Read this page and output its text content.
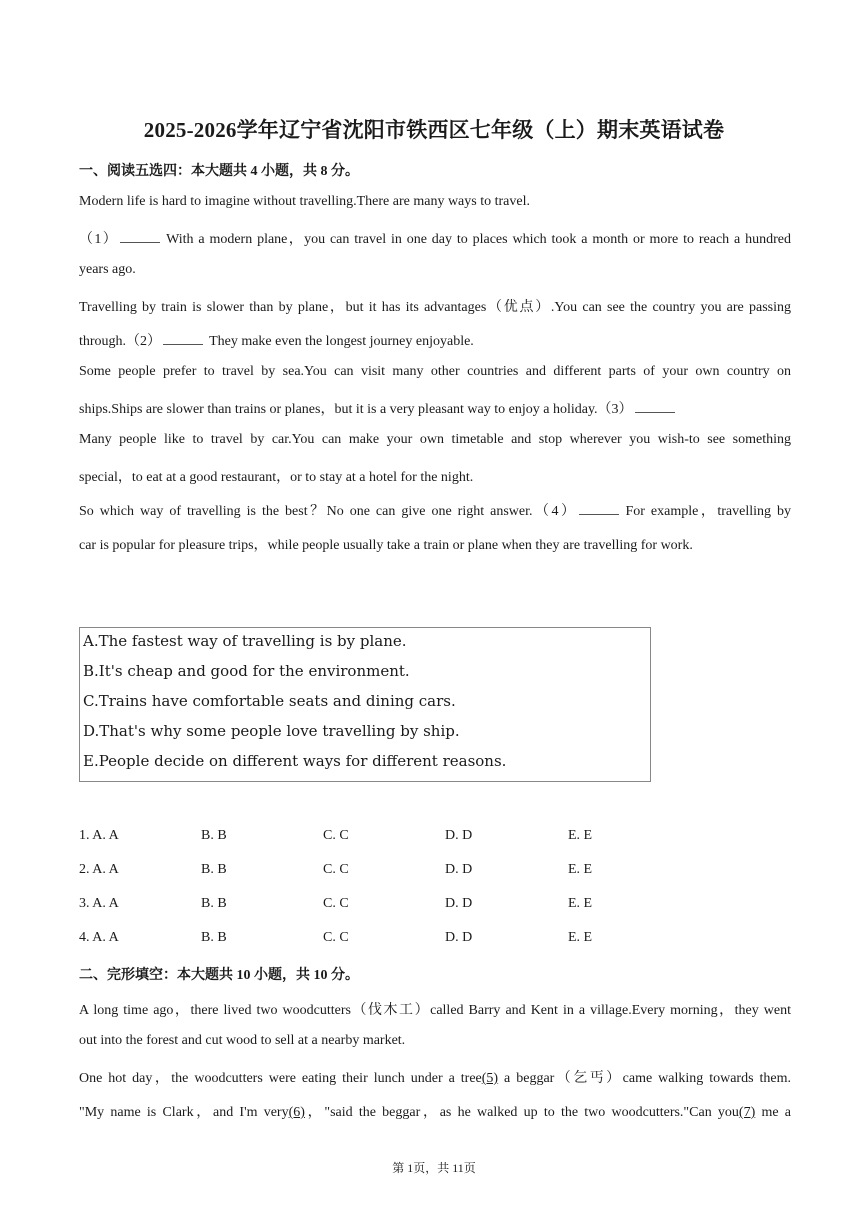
2025-2026学年辽宁省沈阳市铁西区七年级（上）期末英语试卷
一、阅读五选四：本大题共 4 小题，共 8 分。
Modern life is hard to imagine without travelling.There are many ways to travel.
（1）	With a modern plane，you can travel in one day to places which took a month or more to reach a hundred
years ago.
Travelling by train is slower than by plane，but it has its advantages（优点）.You can see the country you are passing
through.（2）	They make even the longest journey enjoyable.
Some people prefer to travel by sea.You can visit many other countries and different parts of your own country on
ships.Ships are slower than trains or planes，but it is a very pleasant way to enjoy a holiday.（3）
Many people like to travel by car.You can make your own timetable and stop wherever you wish-to see something
special，to eat at a good restaurant，or to stay at a hotel for the night.
So which way of travelling is the best？No one can give one right answer.（4）	For example，travelling by
car is popular for pleasure trips，while people usually take a train or plane when they are travelling for work.
A.The fastest way of travelling is by plane.
B.It's cheap and good for the environment.
C.Trains have comfortable seats and dining cars.
D.That's why some people love travelling by ship.
E.People decide on different ways for different reasons.
1. A. A	B. B	C. C	D. D	E. E
2. A. A	B. B	C. C	D. D	E. E
3. A. A	B. B	C. C	D. D	E. E
4. A. A	B. B	C. C	D. D	E. E
二、完形填空：本大题共 10 小题，共 10 分。
A long time ago，there lived two woodcutters（伐木工）called Barry and Kent in a village.Every morning，they went
out into the forest and cut wood to sell at a nearby market.
One hot day，the woodcutters were eating their lunch under a tree(5) a beggar（乞丐）came walking towards them.
"My name is Clark，and I'm very(6)，"said the beggar，as he walked up to the two woodcutters."Can you(7) me a
第 1页，共 11页
